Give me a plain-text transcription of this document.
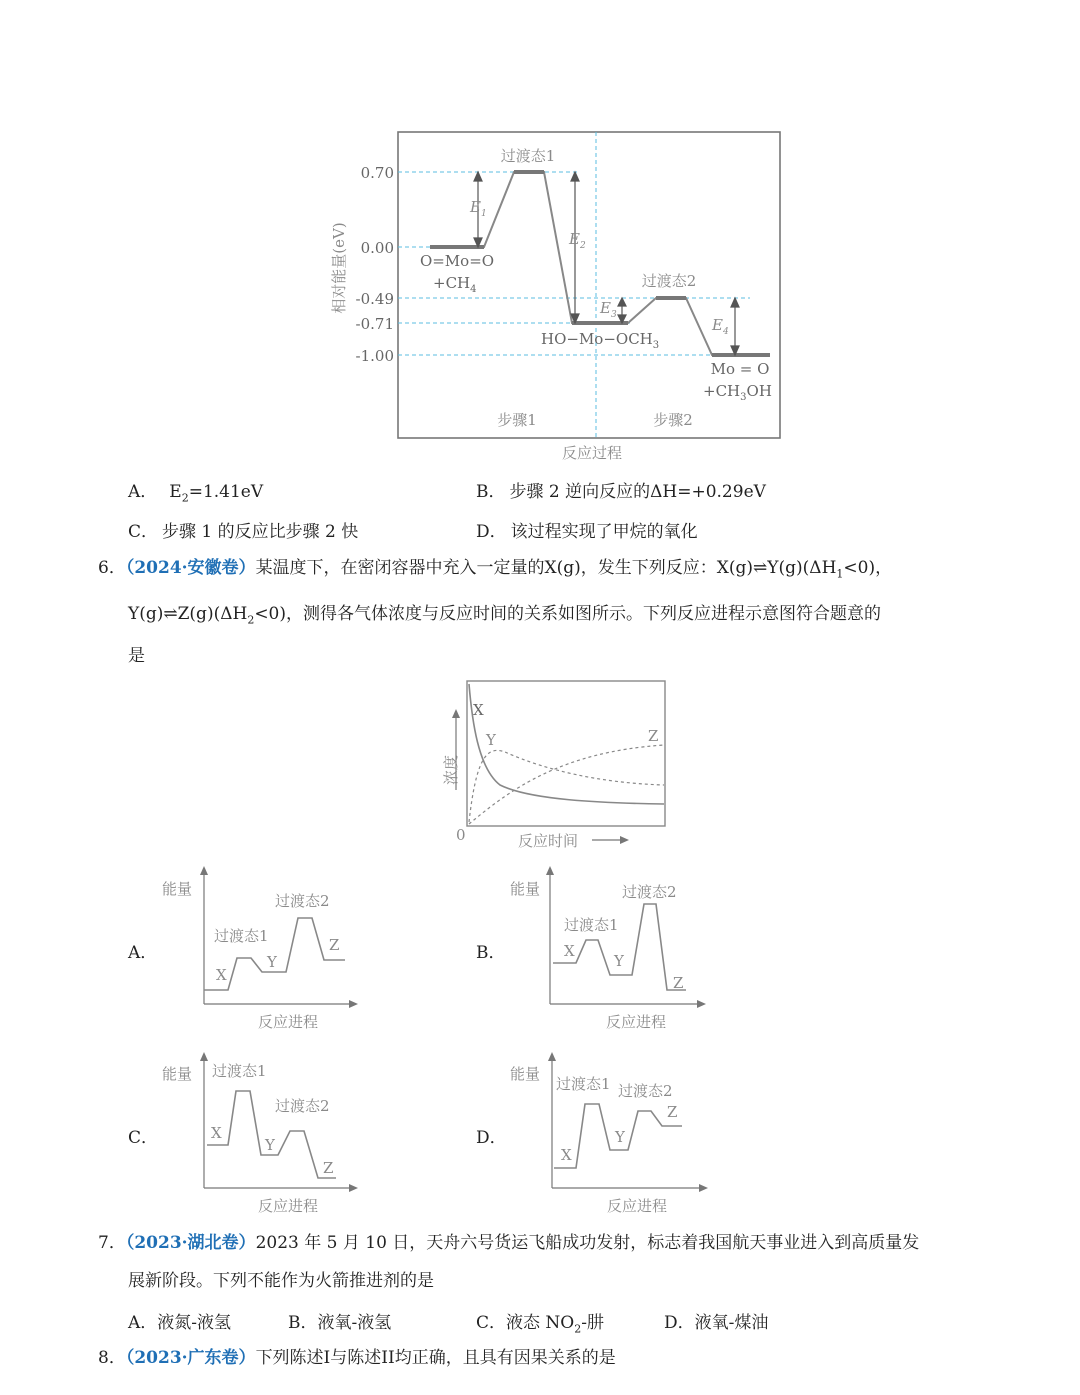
0.70
0.00
-0.49
-0.71
-1.00
相对能量(eV)
过渡态1
过渡态2
O=Mo=O
$+CH_4$
$HO-Mo-OCH_3$
Mo = O
$+CH_3OH$
$E_1$
$E_2$
$E_3$
$E_4$
步骤1	步骤2
反应过程
A． $E_2=1.41eV$	B． 步骤 2 逆向反应的ΔH=+0.29eV
C． 步骤 1 的反应比步骤 2 快	D． 该过程实现了甲烷的氧化
6．（2024·安徽卷）某温度下，在密闭容器中充入一定量的X(g)，发生下列反应：$X(g)\rightleftharpoons Y(g)(\Delta H_1<0)$，
$Y(g)\rightleftharpoons Z(g)(\Delta H_2<0)$，测得各气体浓度与反应时间的关系如图所示。下列反应进程示意图符合题意的
是
X
Y	Z
浓度
0	反应时间
A．
能量
过渡态2
过渡态1
X
Y
Z
反应进程
B．
能量	过渡态2
过渡态1
X
Y
Z
反应进程
C．
能量 过渡态1
过渡态2
X
Y
Z
反应进程
D．
能量
过渡态1 过渡态2
X
Y
Z
反应进程
7．（2023·湖北卷）2023 年 5 月 10 日，天舟六号货运飞船成功发射，标志着我国航天事业进入到高质量发
展新阶段。下列不能作为火箭推进剂的是
A．液氮-液氢	B．液氧-液氢	C．液态 $NO_2-$肼	D．液氧-煤油
8．（2023·广东卷）下列陈述I与陈述II均正确，且具有因果关系的是
